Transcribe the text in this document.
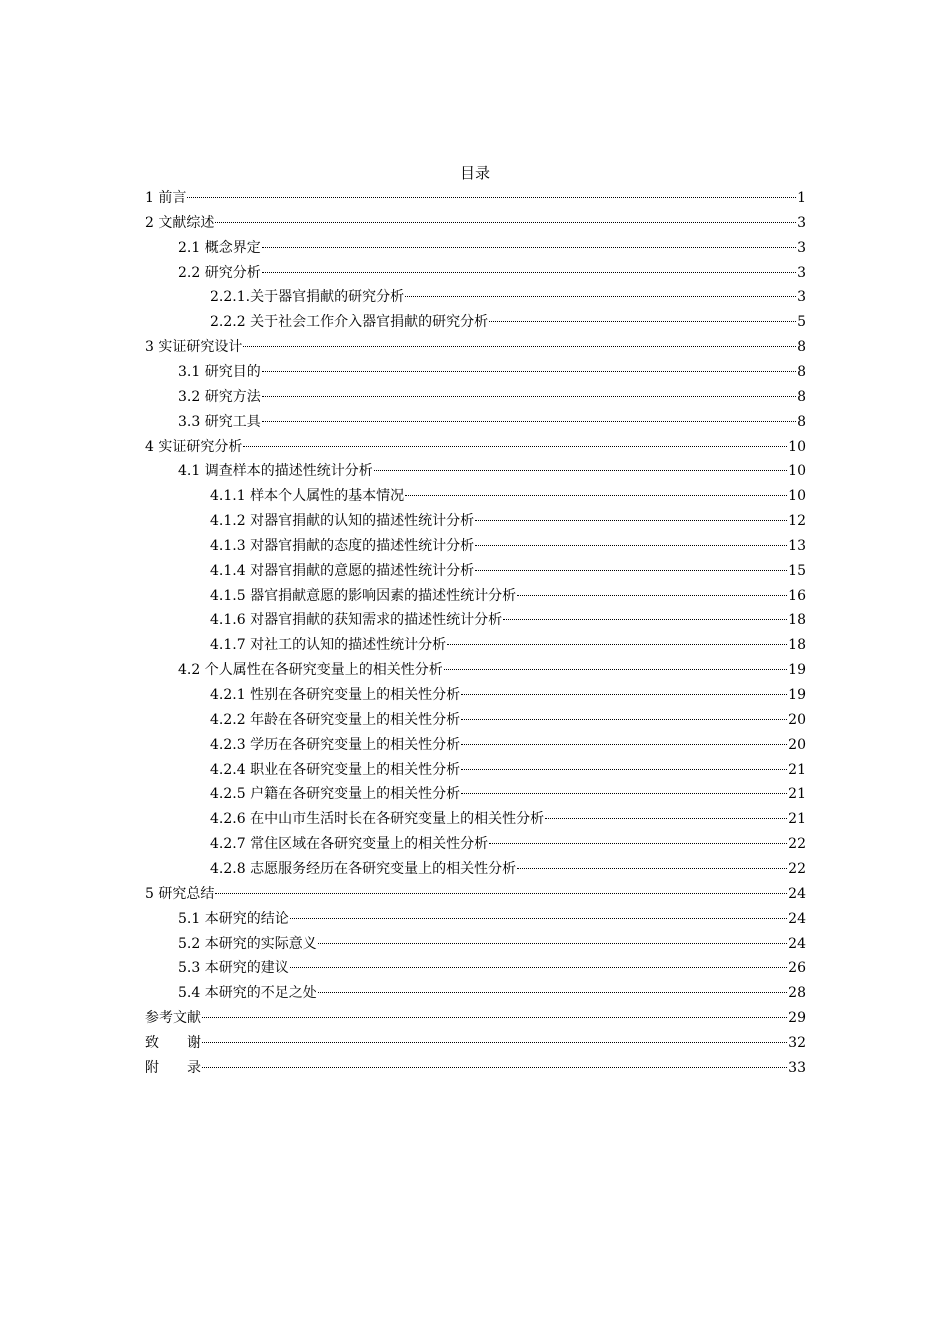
目录
1 前言	1
2 文献综述	3
2.1 概念界定	3
2.2 研究分析	3
2.2.1.关于器官捐献的研究分析	3
2.2.2 关于社会工作介入器官捐献的研究分析	5
3 实证研究设计	8
3.1 研究目的	8
3.2 研究方法	8
3.3 研究工具	8
4 实证研究分析	10
4.1 调查样本的描述性统计分析	10
4.1.1 样本个人属性的基本情况	10
4.1.2 对器官捐献的认知的描述性统计分析	12
4.1.3 对器官捐献的态度的描述性统计分析	13
4.1.4 对器官捐献的意愿的描述性统计分析	15
4.1.5 器官捐献意愿的影响因素的描述性统计分析	16
4.1.6 对器官捐献的获知需求的描述性统计分析	18
4.1.7 对社工的认知的描述性统计分析	18
4.2 个人属性在各研究变量上的相关性分析	19
4.2.1 性别在各研究变量上的相关性分析	19
4.2.2 年龄在各研究变量上的相关性分析	20
4.2.3 学历在各研究变量上的相关性分析	20
4.2.4 职业在各研究变量上的相关性分析	21
4.2.5 户籍在各研究变量上的相关性分析	21
4.2.6 在中山市生活时长在各研究变量上的相关性分析	21
4.2.7 常住区域在各研究变量上的相关性分析	22
4.2.8 志愿服务经历在各研究变量上的相关性分析	22
5 研究总结	24
5.1 本研究的结论	24
5.2 本研究的实际意义	24
5.3 本研究的建议	26
5.4 本研究的不足之处	28
参考文献	29
致　　谢	32
附　　录	33
